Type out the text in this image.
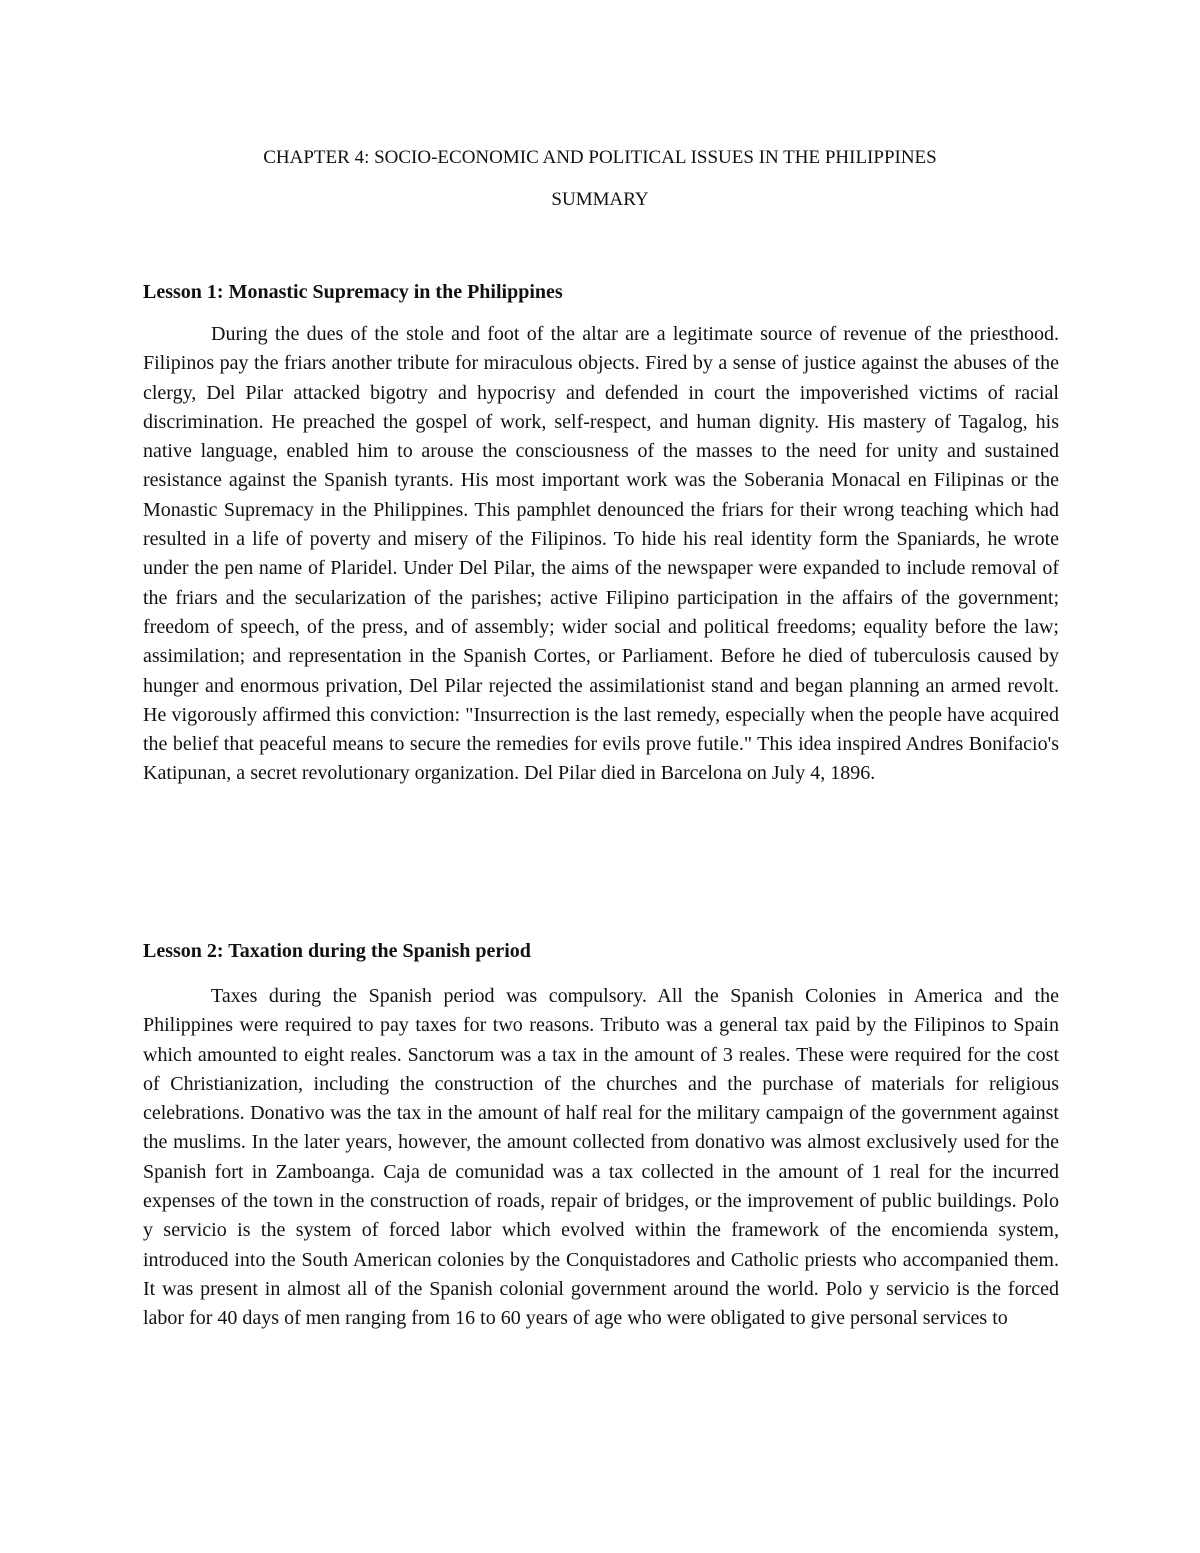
CHAPTER 4: SOCIO-ECONOMIC AND POLITICAL ISSUES IN THE PHILIPPINES
SUMMARY
Lesson 1: Monastic Supremacy in the Philippines

During the dues of the stole and foot of the altar are a legitimate source of revenue of the priesthood. Filipinos pay the friars another tribute for miraculous objects. Fired by a sense of justice against the abuses of the clergy, Del Pilar attacked bigotry and hypocrisy and defended in court the impoverished victims of racial discrimination. He preached the gospel of work, self-respect, and human dignity. His mastery of Tagalog, his native language, enabled him to arouse the consciousness of the masses to the need for unity and sustained resistance against the Spanish tyrants. His most important work was the Soberania Monacal en Filipinas or the Monastic Supremacy in the Philippines. This pamphlet denounced the friars for their wrong teaching which had resulted in a life of poverty and misery of the Filipinos. To hide his real identity form the Spaniards, he wrote under the pen name of Plaridel. Under Del Pilar, the aims of the newspaper were expanded to include removal of the friars and the secularization of the parishes; active Filipino participation in the affairs of the government; freedom of speech, of the press, and of assembly; wider social and political freedoms; equality before the law; assimilation; and representation in the Spanish Cortes, or Parliament. Before he died of tuberculosis caused by hunger and enormous privation, Del Pilar rejected the assimilationist stand and began planning an armed revolt. He vigorously affirmed this conviction: "Insurrection is the last remedy, especially when the people have acquired the belief that peaceful means to secure the remedies for evils prove futile." This idea inspired Andres Bonifacio's Katipunan, a secret revolutionary organization. Del Pilar died in Barcelona on July 4, 1896.

Lesson 2: Taxation during the Spanish period

Taxes during the Spanish period was compulsory. All the Spanish Colonies in America and the Philippines were required to pay taxes for two reasons. Tributo was a general tax paid by the Filipinos to Spain which amounted to eight reales. Sanctorum was a tax in the amount of 3 reales. These were required for the cost of Christianization, including the construction of the churches and the purchase of materials for religious celebrations. Donativo was the tax in the amount of half real for the military campaign of the government against the muslims. In the later years, however, the amount collected from donativo was almost exclusively used for the Spanish fort in Zamboanga. Caja de comunidad was a tax collected in the amount of 1 real for the incurred expenses of the town in the construction of roads, repair of bridges, or the improvement of public buildings. Polo y servicio is the system of forced labor which evolved within the framework of the encomienda system, introduced into the South American colonies by the Conquistadores and Catholic priests who accompanied them. It was present in almost all of the Spanish colonial government around the world. Polo y servicio is the forced labor for 40 days of men ranging from 16 to 60 years of age who were obligated to give personal services to
